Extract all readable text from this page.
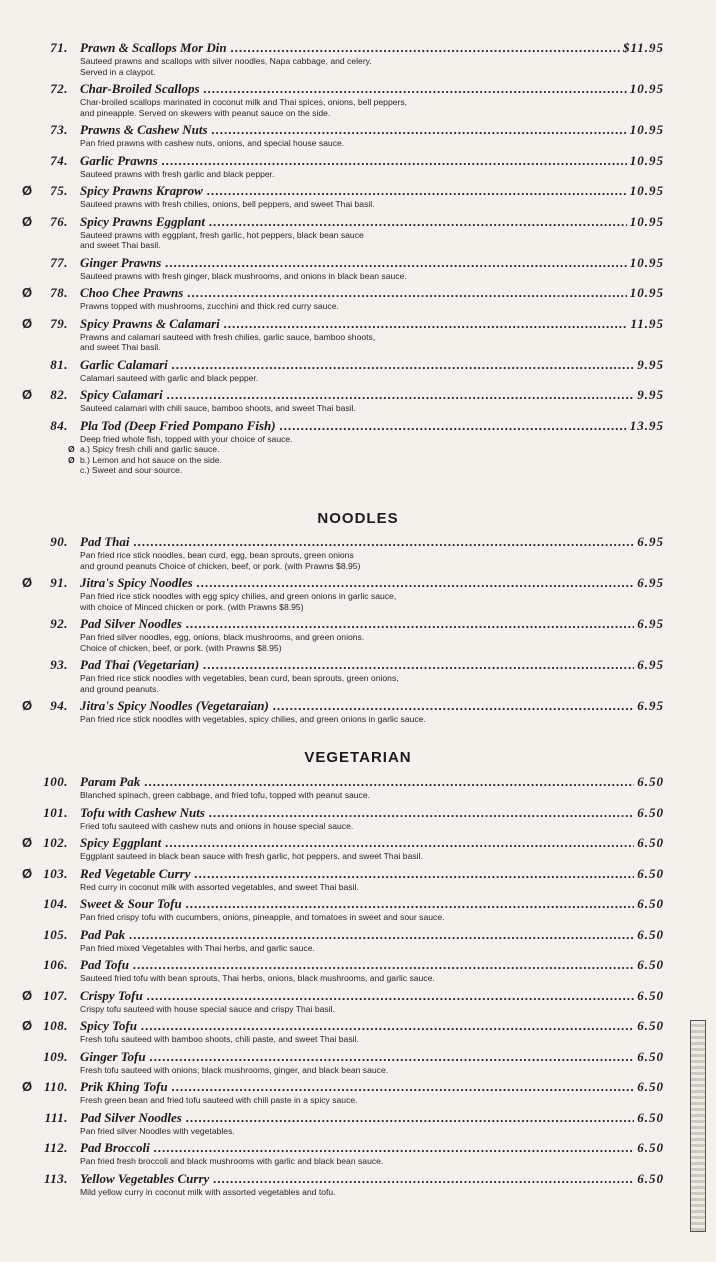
71. Prawn & Scallops Mor Din .....	$11.95
Sauteed prawns and scallops with silver noodles, Napa cabbage, and celery.
Served in a claypot.
72. Char-Broiled Scallops .....	10.95
Char-broiled scallops marinated in coconut milk and Thai spices, onions, bell peppers,
and pineapple. Served on skewers with peanut sauce on the side.
73. Prawns & Cashew Nuts .....	10.95
Pan fried prawns with cashew nuts, onions, and special house sauce.
74. Garlic Prawns .....	10.95
Sauteed prawns with fresh garlic and black pepper.
Ø	75. Spicy Prawns Kraprow .....	10.95
Sauteed prawns with fresh chilies, onions, bell peppers, and sweet Thai basil.
Ø	76. Spicy Prawns Eggplant .....	10.95
Sauteed prawns with eggplant, fresh garlic, hot peppers, black bean sauce
and sweet Thai basil.
77. Ginger Prawns .....	10.95
Sauteed prawns with fresh ginger, black mushrooms, and onions in black bean sauce.
Ø	78. Choo Chee Prawns .....	10.95
Prawns topped with mushrooms, zucchini and thick red curry sauce.
Ø	79. Spicy Prawns & Calamari .....	11.95
Prawns and calamari sauteed with fresh chilies, garlic sauce, bamboo shoots,
and sweet Thai basil.
81. Garlic Calamari .....	9.95
Calamari sauteed with garlic and black pepper.
Ø	82. Spicy Calamari .....	9.95
Sauteed calamari with chili sauce, bamboo shoots, and sweet Thai basil.
84. Pla Tod (Deep Fried Pompano Fish) .....	13.95
Deep fried whole fish, topped with your choice of sauce.
Ø a.) Spicy fresh chili and garlic sauce.
Ø b.) Lemon and hot sauce on the side.
c.) Sweet and sour source.
NOODLES
90. Pad Thai .....	6.95
Pan fried rice stick noodles, bean curd, egg, bean sprouts, green onions
and ground peanuts Choice of chicken, beef, or pork. (with Prawns $8.95)
Ø	91. Jitra's Spicy Noodles .....	6.95
Pan fried rice stick noodles with egg spicy chilies, and green onions in garlic sauce,
with choice of Minced chicken or pork. (with Prawns $8.95)
92. Pad Silver Noodles .....	6.95
Pan fried silver noodles, egg, onions, black mushrooms, and green onions.
Choice of chicken, beef, or pork. (with Prawns $8.95)
93. Pad Thai (Vegetarian) .....	6.95
Pan fried rice stick noodles with vegetables, bean curd, bean sprouts, green onions,
and ground peanuts.
Ø	94. Jitra's Spicy Noodles (Vegetaraian) .....	6.95
Pan fried rice stick noodles with vegetables, spicy chilies, and green onions in garlic sauce.
VEGETARIAN
100. Param Pak .....	6.50
Blanched spinach, green cabbage, and fried tofu, topped with peanut sauce.
101. Tofu with Cashew Nuts .....	6.50
Fried tofu sauteed with cashew nuts and onions in house special sauce.
Ø 102. Spicy Eggplant .....	6.50
Eggplant sauteed in black bean sauce with fresh garlic, hot peppers, and sweet Thai basil.
Ø 103. Red Vegetable Curry .....	6.50
Red curry in coconut milk with assorted vegetables, and sweet Thai basil.
104. Sweet & Sour Tofu .....	6.50
Pan fried crispy tofu with cucumbers, onions, pineapple, and tomatoes in sweet and sour sauce.
105. Pad Pak .....	6.50
Pan fried mixed Vegetables with Thai herbs, and garlic sauce.
106. Pad Tofu .....	6.50
Sauteed fried tofu with bean sprouts, Thai herbs, onions, black mushrooms, and garlic sauce.
Ø 107. Crispy Tofu .....	6.50
Crispy tofu sauteed with house special sauce and crispy Thai basil.
Ø 108. Spicy Tofu .....	6.50
Fresh tofu sauteed with bamboo shoots, chili paste, and sweet Thai basil.
109. Ginger Tofu .....	6.50
Fresh tofu sauteed with onions, black mushrooms, ginger, and black bean sauce.
Ø 110. Prik Khing Tofu .....	6.50
Fresh green bean and fried tofu sauteed with chili paste in a spicy sauce.
111. Pad Silver Noodles .....	6.50
Pan fried silver Noodles with vegetables.
112. Pad Broccoli .....	6.50
Pan fried fresh broccoli and black mushrooms with garlic and black bean sauce.
113. Yellow Vegetables Curry .....	6.50
Mild yellow curry in coconut milk with assorted vegetables and tofu.
